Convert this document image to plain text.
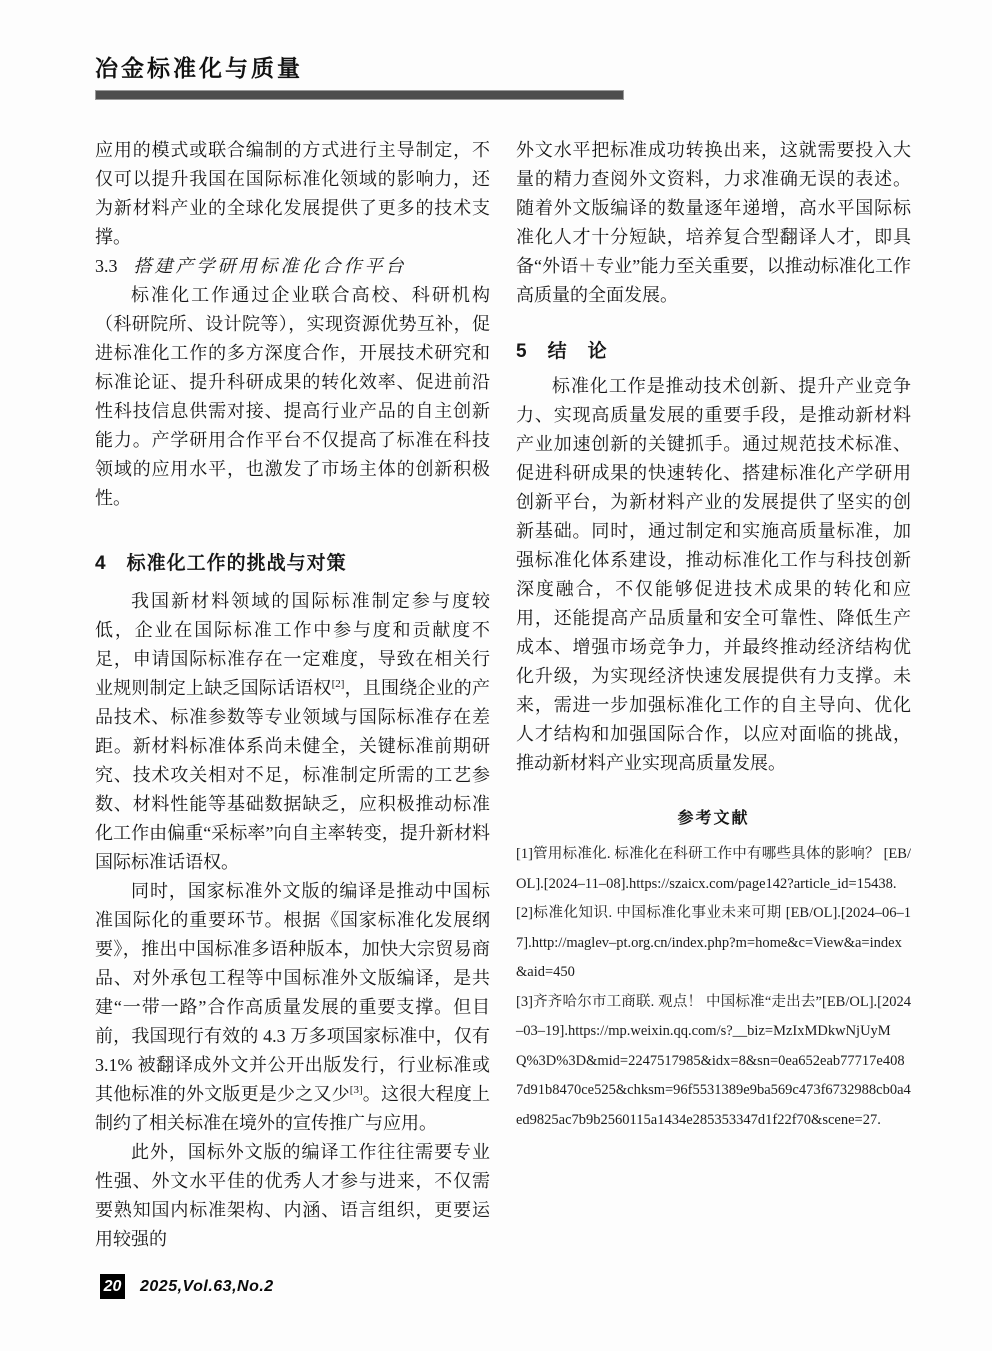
冶金标准化与质量

应用的模式或联合编制的方式进行主导制定，不仅可以提升我国在国际标准化领域的影响力，还为新材料产业的全球化发展提供了更多的技术支撑。

3.3 搭建产学研用标准化合作平台

标准化工作通过企业联合高校、科研机构（科研院所、设计院等），实现资源优势互补，促进标准化工作的多方深度合作，开展技术研究和标准论证、提升科研成果的转化效率、促进前沿性科技信息供需对接、提高行业产品的自主创新能力。产学研用合作平台不仅提高了标准在科技领域的应用水平，也激发了市场主体的创新积极性。

4　标准化工作的挑战与对策

我国新材料领域的国际标准制定参与度较低，企业在国际标准工作中参与度和贡献度不足，申请国际标准存在一定难度，导致在相关行业规则制定上缺乏国际话语权[2]，且围绕企业的产品技术、标准参数等专业领域与国际标准存在差距。新材料标准体系尚未健全，关键标准前期研究、技术攻关相对不足，标准制定所需的工艺参数、材料性能等基础数据缺乏，应积极推动标准化工作由偏重“采标率”向自主率转变，提升新材料国际标准话语权。

同时，国家标准外文版的编译是推动中国标准国际化的重要环节。根据《国家标准化发展纲要》，推出中国标准多语种版本，加快大宗贸易商品、对外承包工程等中国标准外文版编译，是共建“一带一路”合作高质量发展的重要支撑。但目前，我国现行有效的 4.3 万多项国家标准中，仅有 3.1% 被翻译成外文并公开出版发行，行业标准或其他标准的外文版更是少之又少[3]。这很大程度上制约了相关标准在境外的宣传推广与应用。

此外，国标外文版的编译工作往往需要专业性强、外文水平佳的优秀人才参与进来，不仅需要熟知国内标准架构、内涵、语言组织，更要运用较强的

外文水平把标准成功转换出来，这就需要投入大量的精力查阅外文资料，力求准确无误的表述。随着外文版编译的数量逐年递增，高水平国际标准化人才十分短缺，培养复合型翻译人才，即具备“外语＋专业”能力至关重要，以推动标准化工作高质量的全面发展。

5　结　论

标准化工作是推动技术创新、提升产业竞争力、实现高质量发展的重要手段，是推动新材料产业加速创新的关键抓手。通过规范技术标准、促进科研成果的快速转化、搭建标准化产学研用创新平台，为新材料产业的发展提供了坚实的创新基础。同时，通过制定和实施高质量标准，加强标准化体系建设，推动标准化工作与科技创新深度融合，不仅能够促进技术成果的转化和应用，还能提高产品质量和安全可靠性、降低生产成本、增强市场竞争力，并最终推动经济结构优化升级，为实现经济快速发展提供有力支撑。未来，需进一步加强标准化工作的自主导向、优化人才结构和加强国际合作，以应对面临的挑战，推动新材料产业实现高质量发展。

参考文献

[1]管用标准化. 标准化在科研工作中有哪些具体的影响？ [EB/OL].[2024–11–08].https://szaicx.com/page142?article_id=15438.

[2]标准化知识. 中国标准化事业未来可期 [EB/OL].[2024–06–17].http://maglev–pt.org.cn/index.php?m=home&c=View&a=index&aid=450

[3]齐齐哈尔市工商联. 观点！ 中国标准“走出去”[EB/OL].[2024–03–19].https://mp.weixin.qq.com/s?__biz=MzIxMDkwNjUyMQ%3D%3D&mid=2247517985&idx=8&sn=0ea652eab77717e4087d91b8470ce525&chksm=96f5531389e9ba569c473f6732988cb0a4ed9825ac7b9b2560115a1434e285353347d1f22f70&scene=27.

20 2025,Vol.63,No.2
